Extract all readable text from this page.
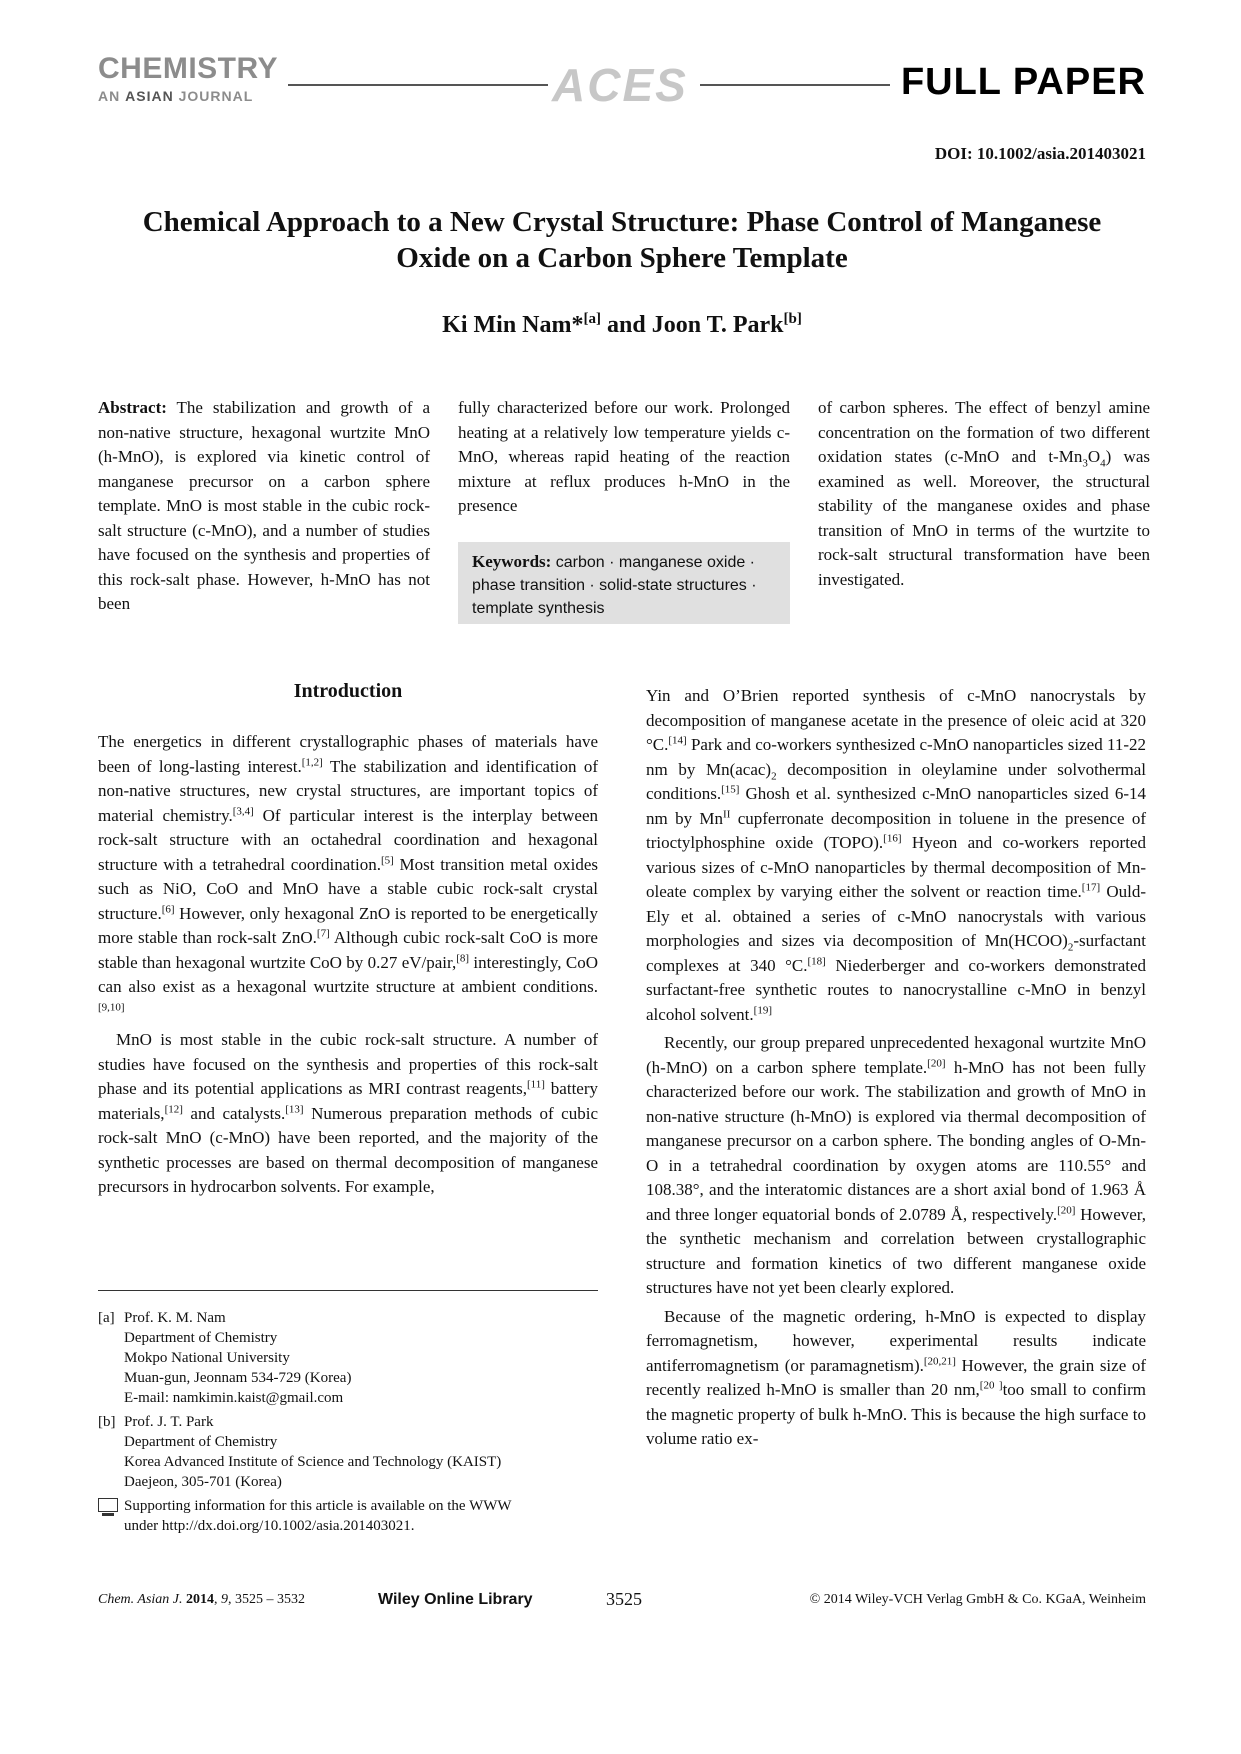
CHEMISTRY
AN ASIAN JOURNAL	ACES	FULL PAPER
DOI: 10.1002/asia.201403021
Chemical Approach to a New Crystal Structure: Phase Control of Manganese
Oxide on a Carbon Sphere Template
Ki Min Nam*[a] and Joon T. Park[b]
Abstract: The stabilization and growth of a non-native structure, hexagonal wurtzite MnO (h-MnO), is explored via kinetic control of manganese precursor on a carbon sphere template. MnO is most stable in the cubic rock-salt structure (c-MnO), and a number of studies have focused on the synthesis and properties of this rock-salt phase. However, h-MnO has not been
fully characterized before our work. Prolonged heating at a relatively low temperature yields c-MnO, whereas rapid heating of the reaction mixture at reflux produces h-MnO in the presence
Keywords: carbon · manganese oxide · phase transition · solid-state structures · template synthesis
of carbon spheres. The effect of benzyl amine concentration on the formation of two different oxidation states (c-MnO and $t-Mn_3O_4$) was examined as well. Moreover, the structural stability of the manganese oxides and phase transition of MnO in terms of the wurtzite to rock-salt structural transformation have been investigated.
Introduction

The energetics in different crystallographic phases of materials have been of long-lasting interest.[1,2] The stabilization and identification of non-native structures, new crystal structures, are important topics of material chemistry.[3,4] Of particular interest is the interplay between rock-salt structure with an octahedral coordination and hexagonal structure with a tetrahedral coordination.[5] Most transition metal oxides such as NiO, CoO and MnO have a stable cubic rock-salt crystal structure.[6] However, only hexagonal ZnO is reported to be energetically more stable than rock-salt ZnO.[7] Although cubic rock-salt CoO is more stable than hexagonal wurtzite CoO by 0.27 eV/pair,[8] interestingly, CoO can also exist as a hexagonal wurtzite structure at ambient conditions.[9,10]

MnO is most stable in the cubic rock-salt structure. A number of studies have focused on the synthesis and properties of this rock-salt phase and its potential applications as MRI contrast reagents,[11] battery materials,[12] and catalysts.[13] Numerous preparation methods of cubic rock-salt MnO (c-MnO) have been reported, and the majority of the synthetic processes are based on thermal decomposition of manganese precursors in hydrocarbon solvents. For example,

Yin and O’Brien reported synthesis of c-MnO nanocrystals by decomposition of manganese acetate in the presence of oleic acid at 320 °C.[14] Park and co-workers synthesized c-MnO nanoparticles sized 11-22 nm by $Mn(acac)_2$ decomposition in oleylamine under solvothermal conditions.[15] Ghosh et al. synthesized c-MnO nanoparticles sized 6-14 nm by $Mn^{II}$ cupferronate decomposition in toluene in the presence of trioctylphosphine oxide (TOPO).[16] Hyeon and co-workers reported various sizes of c-MnO nanoparticles by thermal decomposition of Mn-oleate complex by varying either the solvent or reaction time.[17] Ould-Ely et al. obtained a series of c-MnO nanocrystals with various morphologies and sizes via decomposition of $Mn(HCOO)_2$-surfactant complexes at 340 °C.[18] Niederberger and co-workers demonstrated surfactant-free synthetic routes to nanocrystalline c-MnO in benzyl alcohol solvent.[19]

Recently, our group prepared unprecedented hexagonal wurtzite MnO (h-MnO) on a carbon sphere template.[20] h-MnO has not been fully characterized before our work. The stabilization and growth of MnO in non-native structure (h-MnO) is explored via thermal decomposition of manganese precursor on a carbon sphere. The bonding angles of O-Mn-O in a tetrahedral coordination by oxygen atoms are 110.55° and 108.38°, and the interatomic distances are a short axial bond of 1.963 Å and three longer equatorial bonds of 2.0789 Å, respectively.[20] However, the synthetic mechanism and correlation between crystallographic structure and formation kinetics of two different manganese oxide structures have not yet been clearly explored.

Because of the magnetic ordering, h-MnO is expected to display ferromagnetism, however, experimental results indicate antiferromagnetism (or paramagnetism).[20,21] However, the grain size of recently realized h-MnO is smaller than 20 nm,[20 ]too small to confirm the magnetic property of bulk h-MnO. This is because the high surface to volume ratio ex-

[a] Prof. K. M. Nam
Department of Chemistry
Mokpo National University
Muan-gun, Jeonnam 534-729 (Korea)
E-mail: namkimin.kaist@gmail.com
[b] Prof. J. T. Park
Department of Chemistry
Korea Advanced Institute of Science and Technology (KAIST)
Daejeon, 305-701 (Korea)
Supporting information for this article is available on the WWW
under http://dx.doi.org/10.1002/asia.201403021.
Chem. Asian J. 2014, 9, 3525 – 3532	Wiley Online Library	3525	© 2014 Wiley-VCH Verlag GmbH & Co. KGaA, Weinheim
